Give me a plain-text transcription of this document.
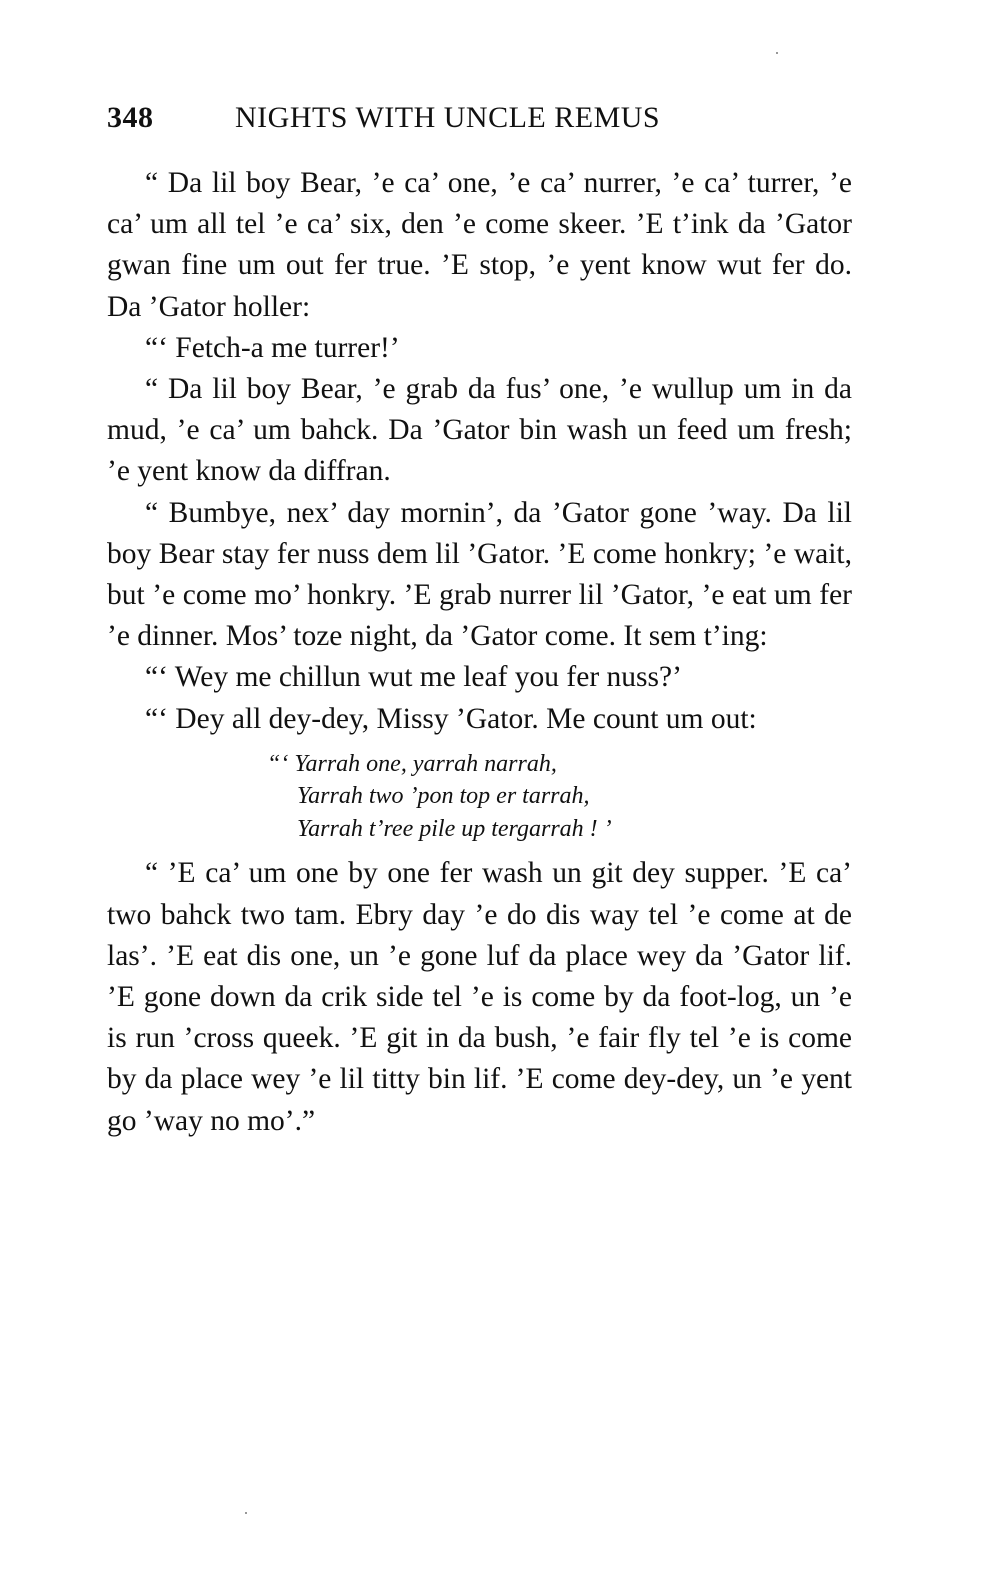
348	NIGHTS WITH UNCLE REMUS

“ Da lil boy Bear, ’e ca’ one, ’e ca’ nurrer, ’e ca’ turrer, ’e ca’ um all tel ’e ca’ six, den ’e come skeer. ’E t’ink da ’Gator gwan fine um out fer true. ’E stop, ’e yent know wut fer do. Da ’Gator holler:

“‘ Fetch-a me turrer!’

“ Da lil boy Bear, ’e grab da fus’ one, ’e wullup um in da mud, ’e ca’ um bahck. Da ’Gator bin wash un feed um fresh; ’e yent know da diffran.

“ Bumbye, nex’ day mornin’, da ’Gator gone ’way. Da lil boy Bear stay fer nuss dem lil ’Gator. ’E come honkry; ’e wait, but ’e come mo’ honkry. ’E grab nurrer lil ’Gator, ’e eat um fer ’e dinner. Mos’ toze night, da ’Gator come. It sem t’ing:

“‘ Wey me chillun wut me leaf you fer nuss?’

“‘ Dey all dey-dey, Missy ’Gator. Me count um out:

“‘ Yarrah one, yarrah narrah,
Yarrah two ’pon top er tarrah,
Yarrah t’ree pile up tergarrah ! ’

“ ’E ca’ um one by one fer wash un git dey supper. ’E ca’ two bahck two tam. Ebry day ’e do dis way tel ’e come at de las’. ’E eat dis one, un ’e gone luf da place wey da ’Gator lif. ’E gone down da crik side tel ’e is come by da foot-log, un ’e is run ’cross queek. ’E git in da bush, ’e fair fly tel ’e is come by da place wey ’e lil titty bin lif. ’E come dey-dey, un ’e yent go ’way no mo’.”
